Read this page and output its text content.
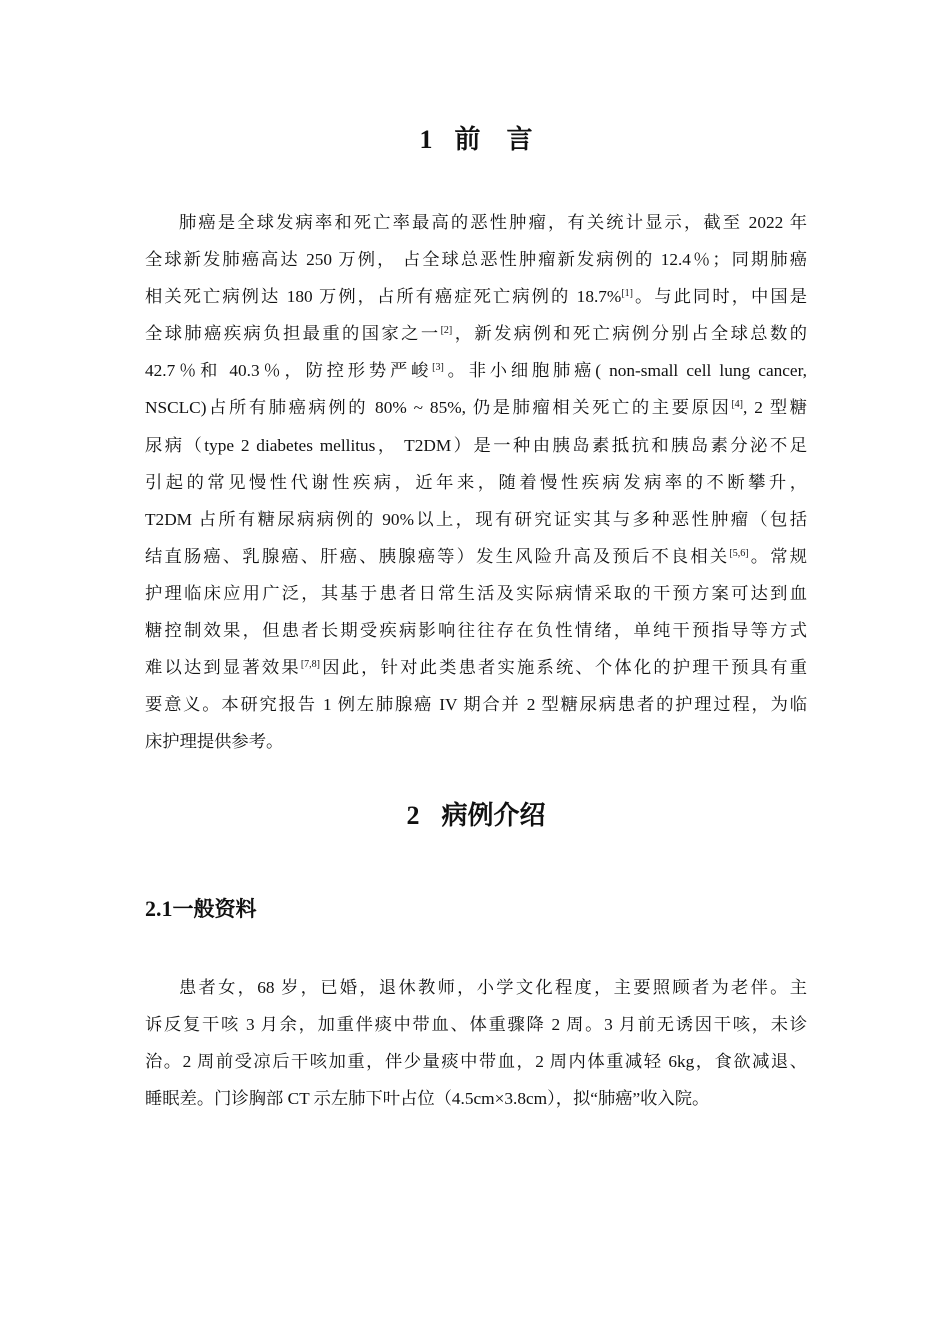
1 前言
肺癌是全球发病率和死亡率最高的恶性肿瘤，有关统计显示，截至 2022 年
全球新发肺癌高达 250 万例， 占全球总恶性肿瘤新发病例的 12.4％；同期肺癌
相关死亡病例达 180 万例，占所有癌症死亡病例的 18.7%[1]。与此同时，中国是
全球肺癌疾病负担最重的国家之一[2]，新发病例和死亡病例分别占全球总数的
42.7％和 40.3％，防控形势严峻[3]。非小细胞肺癌( non-small cell lung cancer,
NSCLC)占所有肺癌病例的 80% ~ 85%, 仍是肺瘤相关死亡的主要原因[4], 2 型糖
尿病（type 2 diabetes mellitus， T2DM）是一种由胰岛素抵抗和胰岛素分泌不足
引起的常见慢性代谢性疾病，近年来，随着慢性疾病发病率的不断攀升，
T2DM 占所有糖尿病病例的 90%以上，现有研究证实其与多种恶性肿瘤（包括
结直肠癌、乳腺癌、肝癌、胰腺癌等）发生风险升高及预后不良相关[5,6]。常规
护理临床应用广泛，其基于患者日常生活及实际病情采取的干预方案可达到血
糖控制效果，但患者长期受疾病影响往往存在负性情绪，单纯干预指导等方式
难以达到显著效果[7,8]因此，针对此类患者实施系统、个体化的护理干预具有重
要意义。本研究报告 1 例左肺腺癌 IV 期合并 2 型糖尿病患者的护理过程，为临
床护理提供参考。
2 病例介绍
2.1一般资料
患者女，68 岁，已婚，退休教师，小学文化程度，主要照顾者为老伴。主
诉反复干咳 3 月余，加重伴痰中带血、体重骤降 2 周。3 月前无诱因干咳，未诊
治。2 周前受凉后干咳加重，伴少量痰中带血，2 周内体重减轻 6kg，食欲减退、
睡眠差。门诊胸部 CT 示左肺下叶占位（4.5cm×3.8cm），拟“肺癌”收入院。
